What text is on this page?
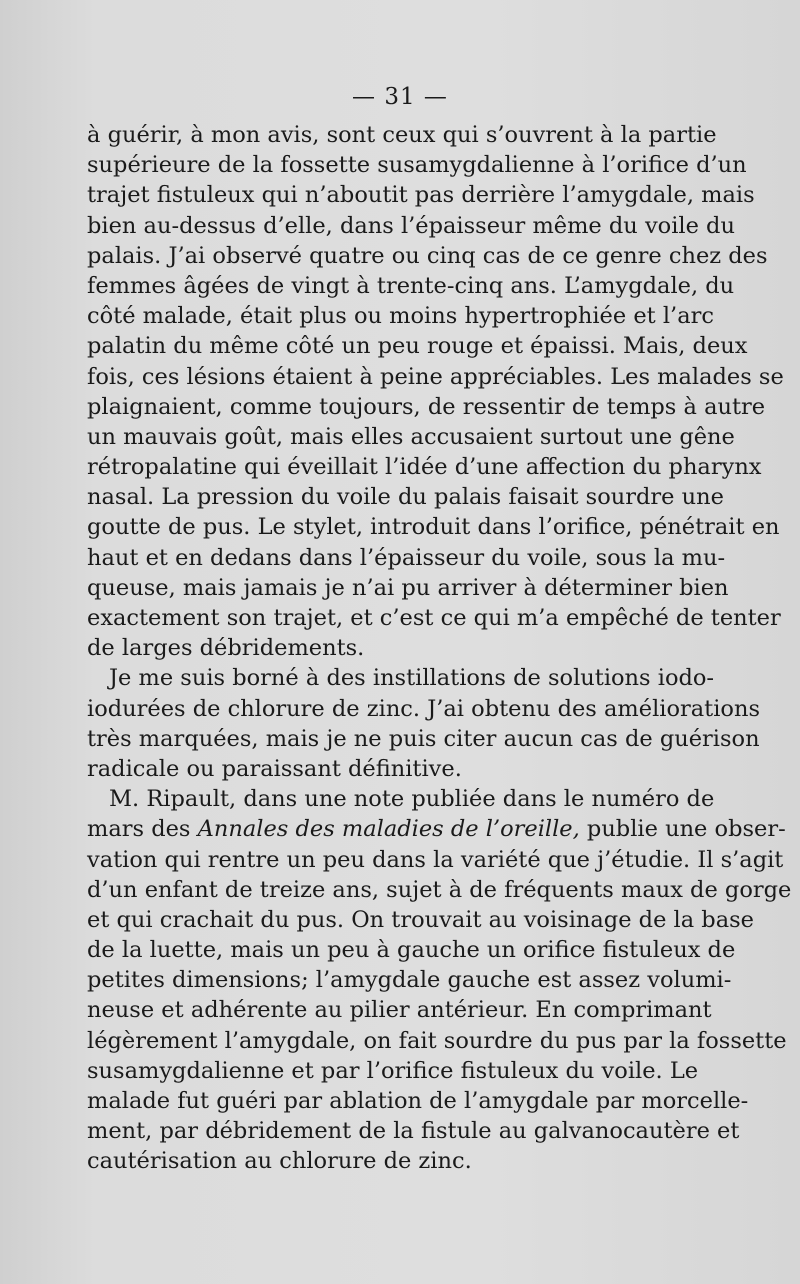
— 31 —
à guérir, à mon avis, sont ceux qui s’ouvrent à la partie
supérieure de la fossette susamygdalienne à l’orifice d’un
trajet fistuleux qui n’aboutit pas derrière l’amygdale, mais
bien au-dessus d’elle, dans l’épaisseur même du voile du
palais. J’ai observé quatre ou cinq cas de ce genre chez des
femmes âgées de vingt à trente-cinq ans. L’amygdale, du
côté malade, était plus ou moins hypertrophiée et l’arc
palatin du même côté un peu rouge et épaissi. Mais, deux
fois, ces lésions étaient à peine appréciables. Les malades se
plaignaient, comme toujours, de ressentir de temps à autre
un mauvais goût, mais elles accusaient surtout une gêne
rétropalatine qui éveillait l’idée d’une affection du pharynx
nasal. La pression du voile du palais faisait sourdre une
goutte de pus. Le stylet, introduit dans l’orifice, pénétrait en
haut et en dedans dans l’épaisseur du voile, sous la mu-
queuse, mais jamais je n’ai pu arriver à déterminer bien
exactement son trajet, et c’est ce qui m’a empêché de tenter
de larges débridements.
Je me suis borné à des instillations de solutions iodo-
iodurées de chlorure de zinc. J’ai obtenu des améliorations
très marquées, mais je ne puis citer aucun cas de guérison
radicale ou paraissant définitive.
M. Ripault, dans une note publiée dans le numéro de
mars des Annales des maladies de l’oreille, publie une obser-
vation qui rentre un peu dans la variété que j’étudie. Il s’agit
d’un enfant de treize ans, sujet à de fréquents maux de gorge
et qui crachait du pus. On trouvait au voisinage de la base
de la luette, mais un peu à gauche un orifice fistuleux de
petites dimensions; l’amygdale gauche est assez volumi-
neuse et adhérente au pilier antérieur. En comprimant
légèrement l’amygdale, on fait sourdre du pus par la fossette
susamygdalienne et par l’orifice fistuleux du voile. Le
malade fut guéri par ablation de l’amygdale par morcelle-
ment, par débridement de la fistule au galvanocautère et
cautérisation au chlorure de zinc.
